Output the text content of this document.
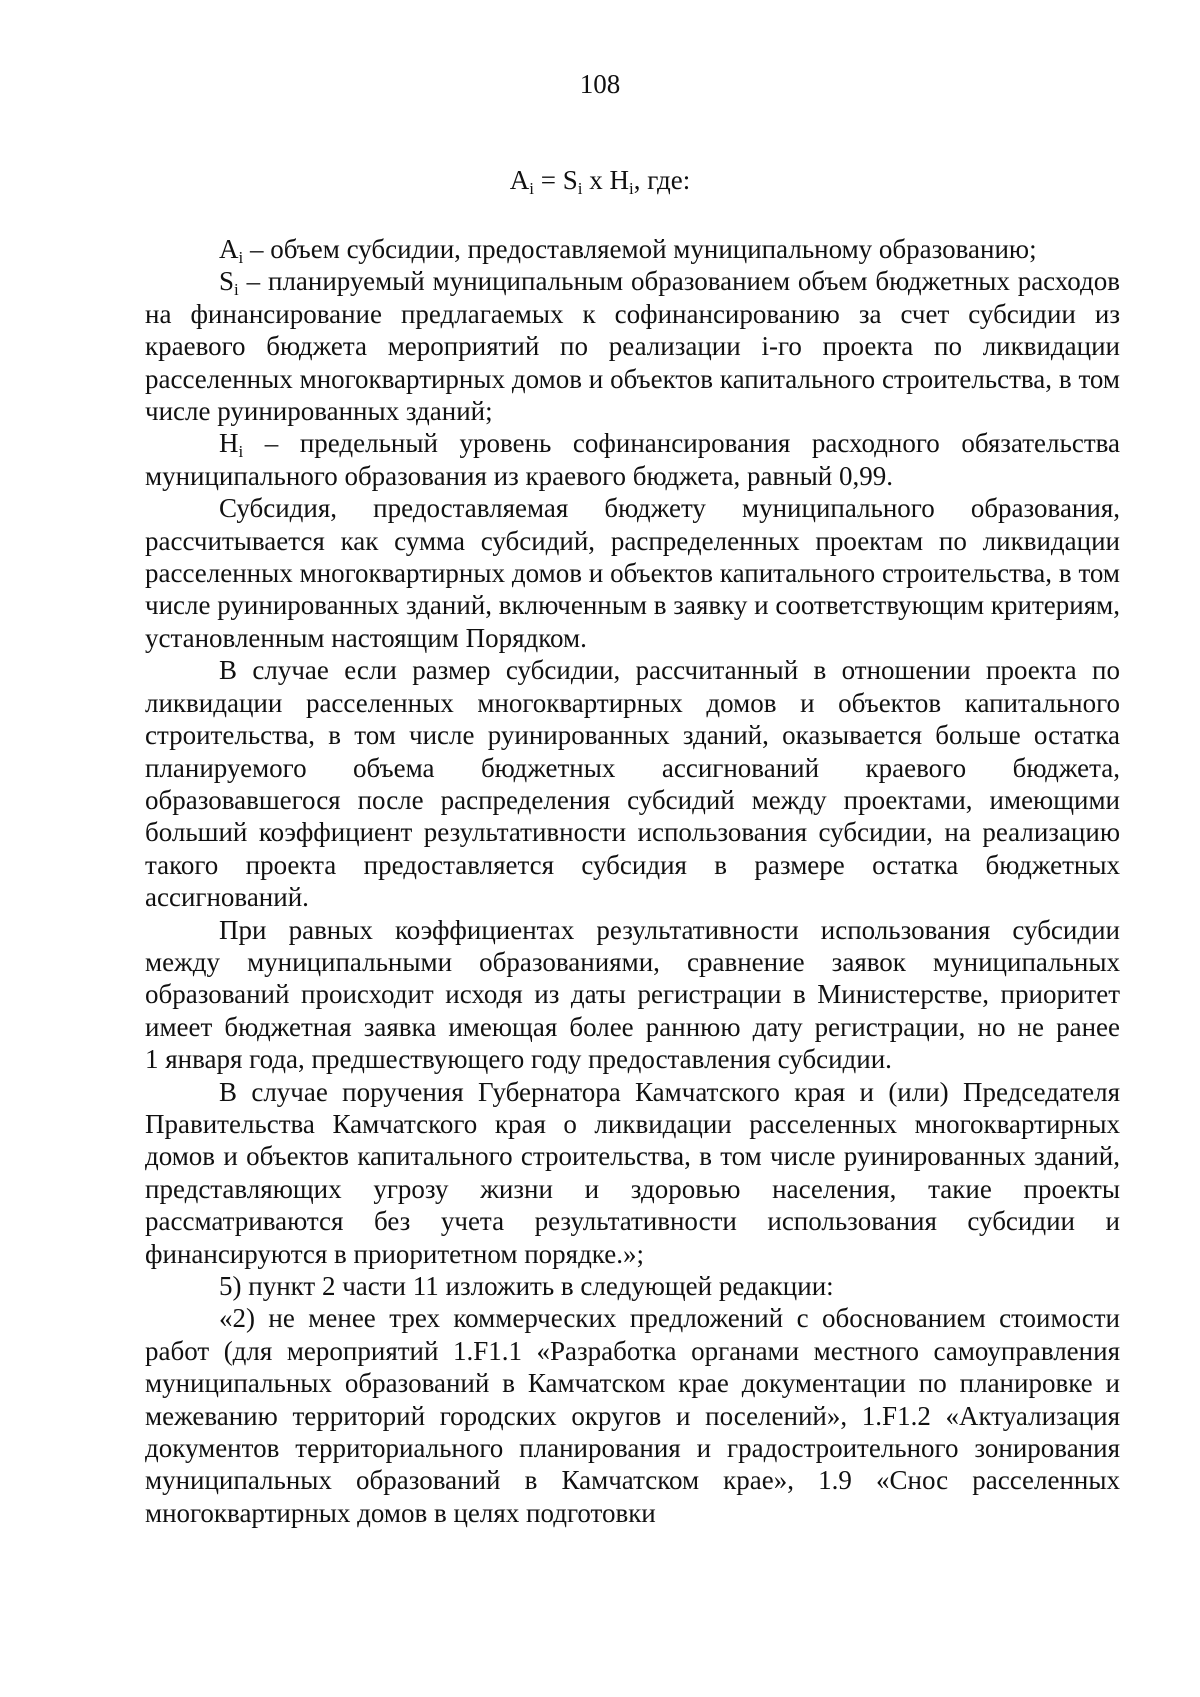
108
$A_i = S_i$ x $H_i$, где:

$A_i$ – объем субсидии, предоставляемой муниципальному образованию;

$S_i$ – планируемый муниципальным образованием объем бюджетных расходов на финансирование предлагаемых к софинансированию за счет субсидии из краевого бюджета мероприятий по реализации i-го проекта по ликвидации расселенных многоквартирных домов и объектов капитального строительства, в том числе руинированных зданий;

$H_i$ – предельный уровень софинансирования расходного обязательства муниципального образования из краевого бюджета, равный 0,99.

Субсидия, предоставляемая бюджету муниципального образования, рассчитывается как сумма субсидий, распределенных проектам по ликвидации расселенных многоквартирных домов и объектов капитального строительства, в том числе руинированных зданий, включенным в заявку и соответствующим критериям, установленным настоящим Порядком.

В случае если размер субсидии, рассчитанный в отношении проекта по ликвидации расселенных многоквартирных домов и объектов капитального строительства, в том числе руинированных зданий, оказывается больше остатка планируемого объема бюджетных ассигнований краевого бюджета, образовавшегося после распределения субсидий между проектами, имеющими больший коэффициент результативности использования субсидии, на реализацию такого проекта предоставляется субсидия в размере остатка бюджетных ассигнований.

При равных коэффициентах результативности использования субсидии между муниципальными образованиями, сравнение заявок муниципальных образований происходит исходя из даты регистрации в Министерстве, приоритет имеет бюджетная заявка имеющая более раннюю дату регистрации, но не ранее

1 января года, предшествующего году предоставления субсидии.

В случае поручения Губернатора Камчатского края и (или) Председателя Правительства Камчатского края о ликвидации расселенных многоквартирных домов и объектов капитального строительства, в том числе руинированных зданий, представляющих угрозу жизни и здоровью населения, такие проекты рассматриваются без учета результативности использования субсидии и финансируются в приоритетном порядке.»;

5) пункт 2 части 11 изложить в следующей редакции:

«2) не менее трех коммерческих предложений с обоснованием стоимости работ (для мероприятий 1.F1.1 «Разработка органами местного самоуправления муниципальных образований в Камчатском крае документации по планировке и межеванию территорий городских округов и поселений», 1.F1.2 «Актуализация документов территориального планирования и градостроительного зонирования муниципальных образований в Камчатском крае», 1.9 «Снос расселенных многоквартирных домов в целях подготовки
